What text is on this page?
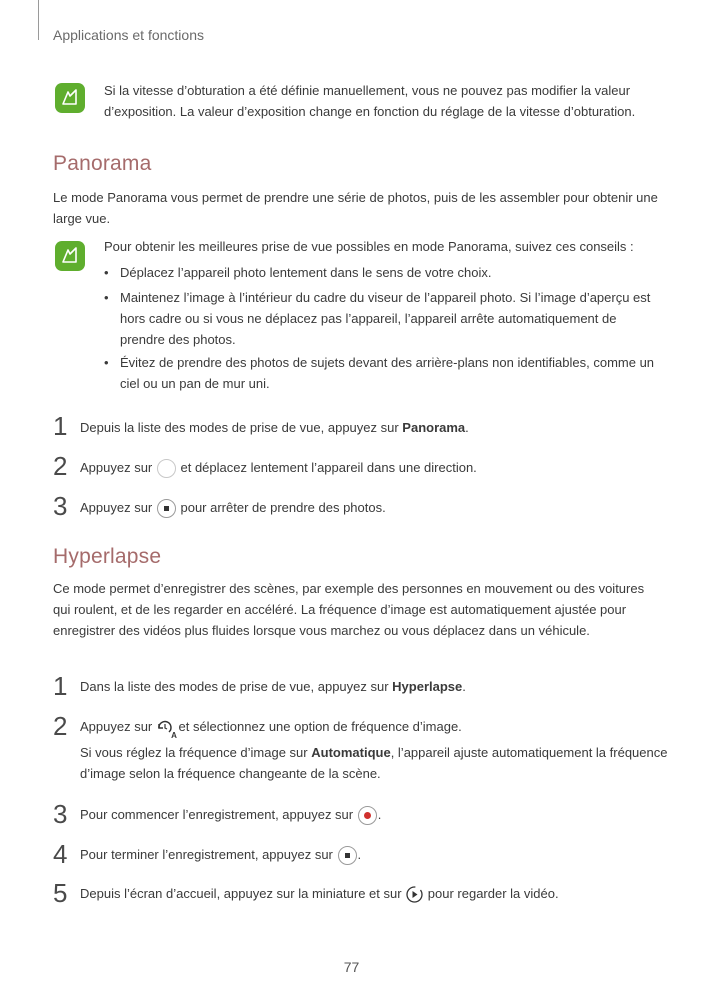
Applications et fonctions
Si la vitesse d’obturation a été définie manuellement, vous ne pouvez pas modifier la valeur d’exposition. La valeur d’exposition change en fonction du réglage de la vitesse d’obturation.
Panorama
Le mode Panorama vous permet de prendre une série de photos, puis de les assembler pour obtenir une large vue.
Pour obtenir les meilleures prise de vue possibles en mode Panorama, suivez ces conseils :
• Déplacez l’appareil photo lentement dans le sens de votre choix.
• Maintenez l’image à l’intérieur du cadre du viseur de l’appareil photo. Si l’image d’aperçu est hors cadre ou si vous ne déplacez pas l’appareil, l’appareil arrête automatiquement de prendre des photos.
• Évitez de prendre des photos de sujets devant des arrière-plans non identifiables, comme un ciel ou un pan de mur uni.
1 Depuis la liste des modes de prise de vue, appuyez sur Panorama.
2 Appuyez sur  et déplacez lentement l’appareil dans une direction.
3 Appuyez sur
pour arrêter de prendre des photos.
Hyperlapse
Ce mode permet d’enregistrer des scènes, par exemple des personnes en mouvement ou des voitures qui roulent, et de les regarder en accéléré. La fréquence d’image est automatiquement ajustée pour enregistrer des vidéos plus fluides lorsque vous marchez ou vous déplacez dans un véhicule.
1 Dans la liste des modes de prise de vue, appuyez sur Hyperlapse.
2 Appuyez sur
A
et sélectionnez une option de fréquence d’image.
Si vous réglez la fréquence d’image sur Automatique, l’appareil ajuste automatiquement la fréquence d’image selon la fréquence changeante de la scène.
3 Pour commencer l’enregistrement, appuyez sur
.
4 Pour terminer l’enregistrement, appuyez sur
.
5 Depuis l’écran d’accueil, appuyez sur la miniature et sur
pour regarder la vidéo.
77
